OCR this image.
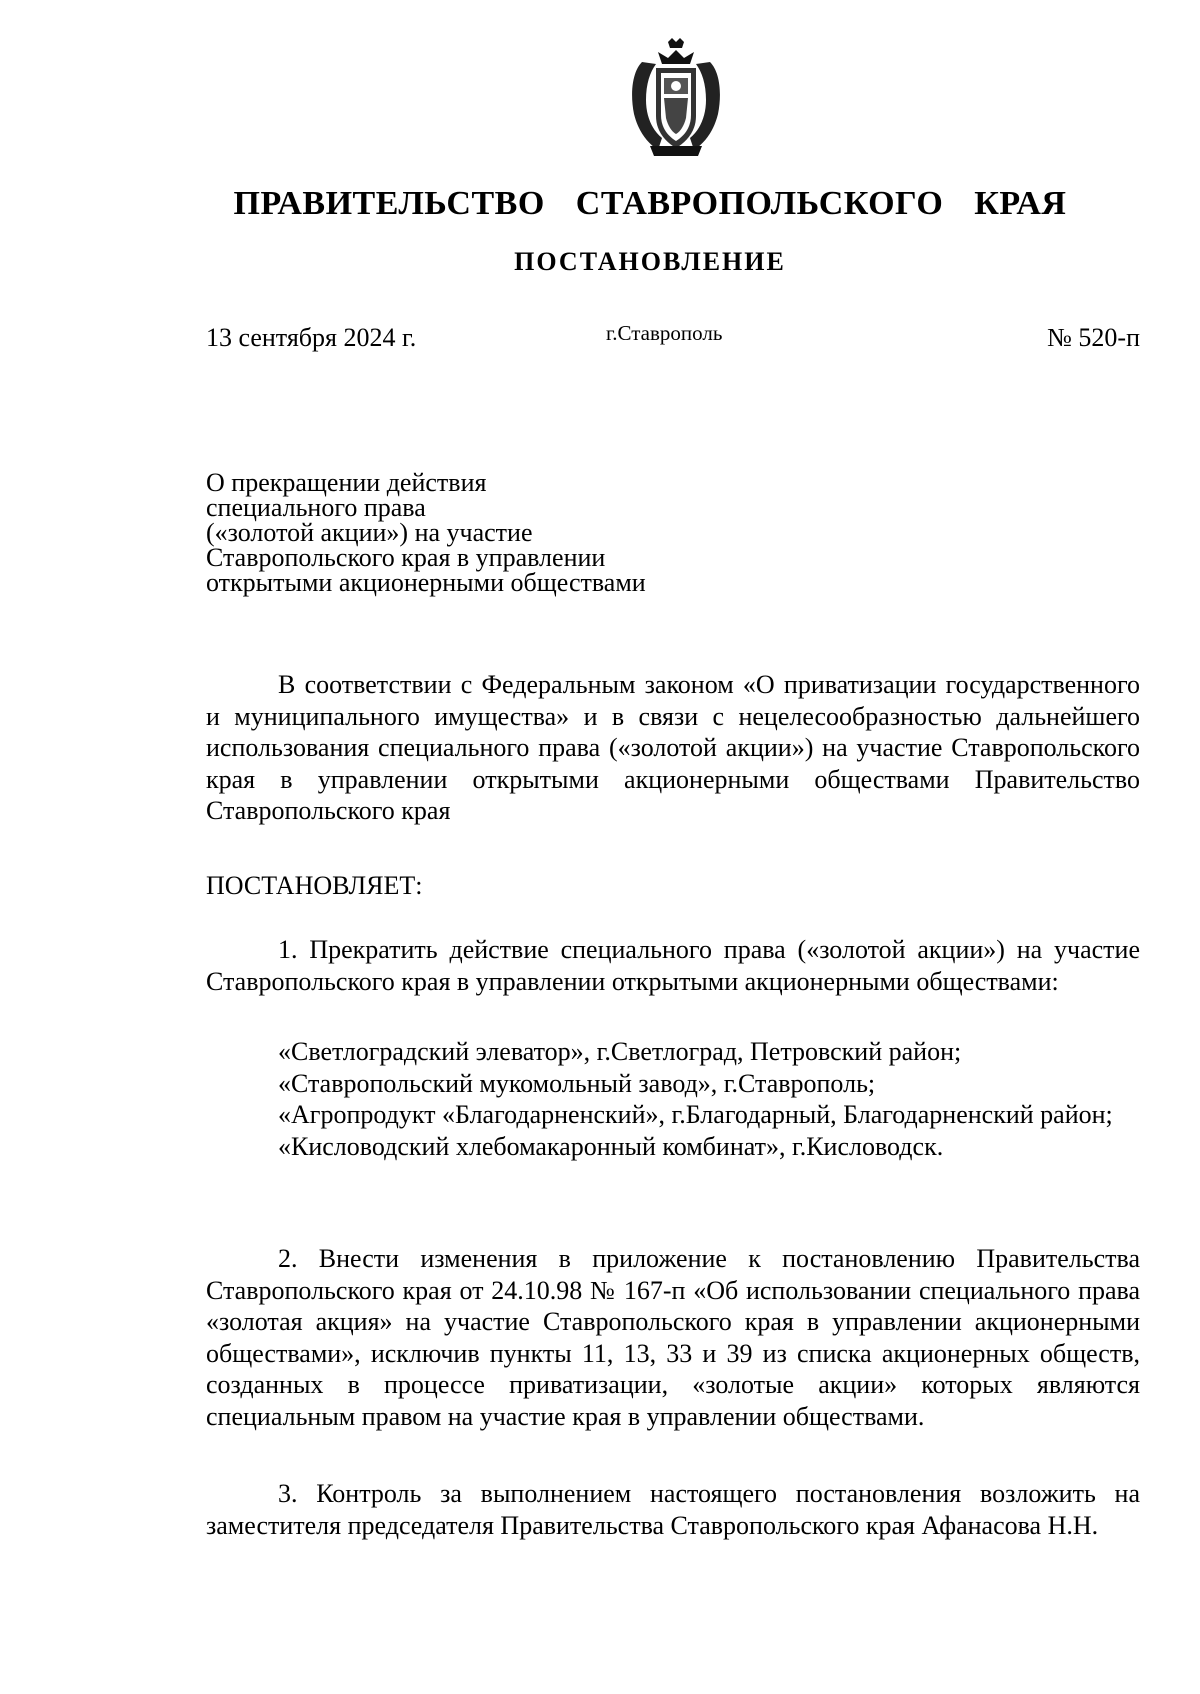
ПРАВИТЕЛЬСТВО СТАВРОПОЛЬСКОГО КРАЯ
ПОСТАНОВЛЕНИЕ
13 сентября 2024 г.	г.Ставрополь	№ 520-п
О прекращении действия
специального права
(«золотой акции») на участие
Ставропольского края в управлении
открытыми акционерными обществами

В соответствии с Федеральным законом «О приватизации государственного и муниципального имущества» и в связи с нецелесообразностью дальнейшего использования специального права («золотой акции») на участие Ставропольского края в управлении открытыми акционерными обществами Правительство Ставропольского края

ПОСТАНОВЛЯЕТ:

1. Прекратить действие специального права («золотой акции») на участие Ставропольского края в управлении открытыми акционерными обществами:

«Светлоградский элеватор», г.Светлоград, Петровский район;
«Ставропольский мукомольный завод», г.Ставрополь;
«Агропродукт «Благодарненский», г.Благодарный, Благодарненский район;
«Кисловодский хлебомакаронный комбинат», г.Кисловодск.

2. Внести изменения в приложение к постановлению Правительства Ставропольского края от 24.10.98 № 167-п «Об использовании специального права «золотая акция» на участие Ставропольского края в управлении акционерными обществами», исключив пункты 11, 13, 33 и 39 из списка акционерных обществ, созданных в процессе приватизации, «золотые акции» которых являются специальным правом на участие края в управлении обществами.

3. Контроль за выполнением настоящего постановления возложить на заместителя председателя Правительства Ставропольского края Афанасова Н.Н.
